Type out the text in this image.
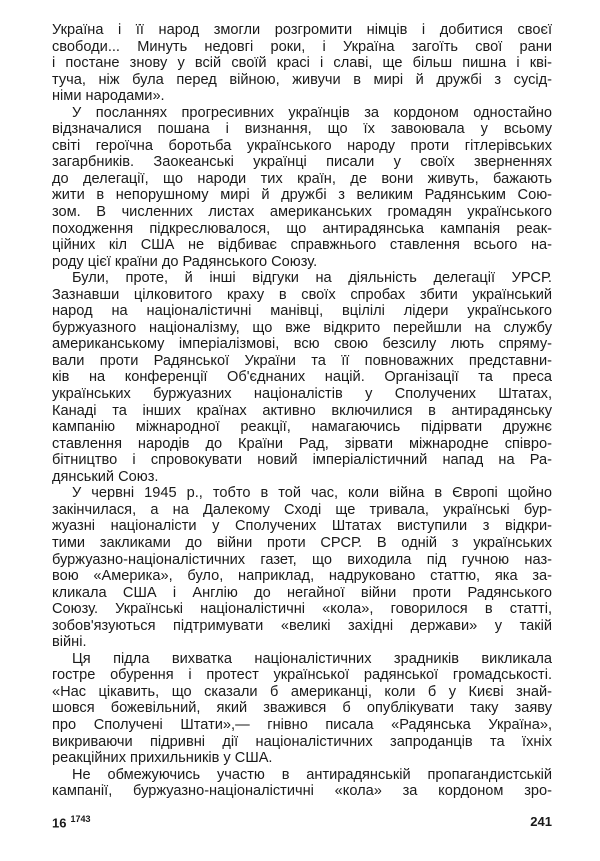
Україна і її народ змогли розгромити німців і добитися своєї
свободи... Минуть недовгі роки, і Україна загоїть свої рани
і постане знову у всій своїй красі і славі, ще більш пишна і кві-
туча, ніж була перед війною, живучи в мирі й дружбі з сусід-
німи народами».
У посланнях прогресивних українців за кордоном одностайно
відзначалися пошана і визнання, що їх завоювала у всьому
світі героїчна боротьба українського народу проти гітлерівських
загарбників. Заокеанські українці писали у своїх зверненнях
до делегації, що народи тих країн, де вони живуть, бажають
жити в непорушному мирі й дружбі з великим Радянським Сою-
зом. В численних листах американських громадян українського
походження підкреслювалося, що антирадянська кампанія реак-
ційних кіл США не відбиває справжнього ставлення всього на-
роду цієї країни до Радянського Союзу.
Були, проте, й інші відгуки на діяльність делегації УРСР.
Зазнавши цілковитого краху в своїх спробах збити український
народ на націоналістичні манівці, вцілілі лідери українського
буржуазного націоналізму, що вже відкрито перейшли на службу
американському імперіалізмові, всю свою безсилу лють спряму-
вали проти Радянської України та її повноважних представни-
ків на конференції Об'єднаних націй. Організації та преса
українських буржуазних націоналістів у Сполучених Штатах,
Канаді та інших країнах активно включилися в антирадянську
кампанію міжнародної реакції, намагаючись підірвати дружнє
ставлення народів до Країни Рад, зірвати міжнародне співро-
бітництво і спровокувати новий імперіалістичний напад на Ра-
дянський Союз.
У червні 1945 р., тобто в той час, коли війна в Європі щойно
закінчилася, а на Далекому Сході ще тривала, українські бур-
жуазні націоналісти у Сполучених Штатах виступили з відкри-
тими закликами до війни проти СРСР. В одній з українських
буржуазно-націоналістичних газет, що виходила під гучною наз-
вою «Америка», було, наприклад, надруковано статтю, яка за-
кликала США і Англію до негайної війни проти Радянського
Союзу. Українські націоналістичні «кола», говорилося в статті,
зобов'язуються підтримувати «великі західні держави» у такій
війні.
Ця підла вихватка націоналістичних зрадників викликала
гостре обурення і протест української радянської громадськості.
«Нас цікавить, що сказали б американці, коли б у Києві знай-
шовся божевільний, який зважився б опублікувати таку заяву
про Сполучені Штати»,— гнівно писала «Радянська Україна»,
викриваючи підривні дії націоналістичних запроданців та їхніх
реакційних прихильників у США.
Не обмежуючись участю в антирадянській пропагандистській
кампанії, буржуазно-націоналістичні «кола» за кордоном зро-
16 $^{1743}$	241
